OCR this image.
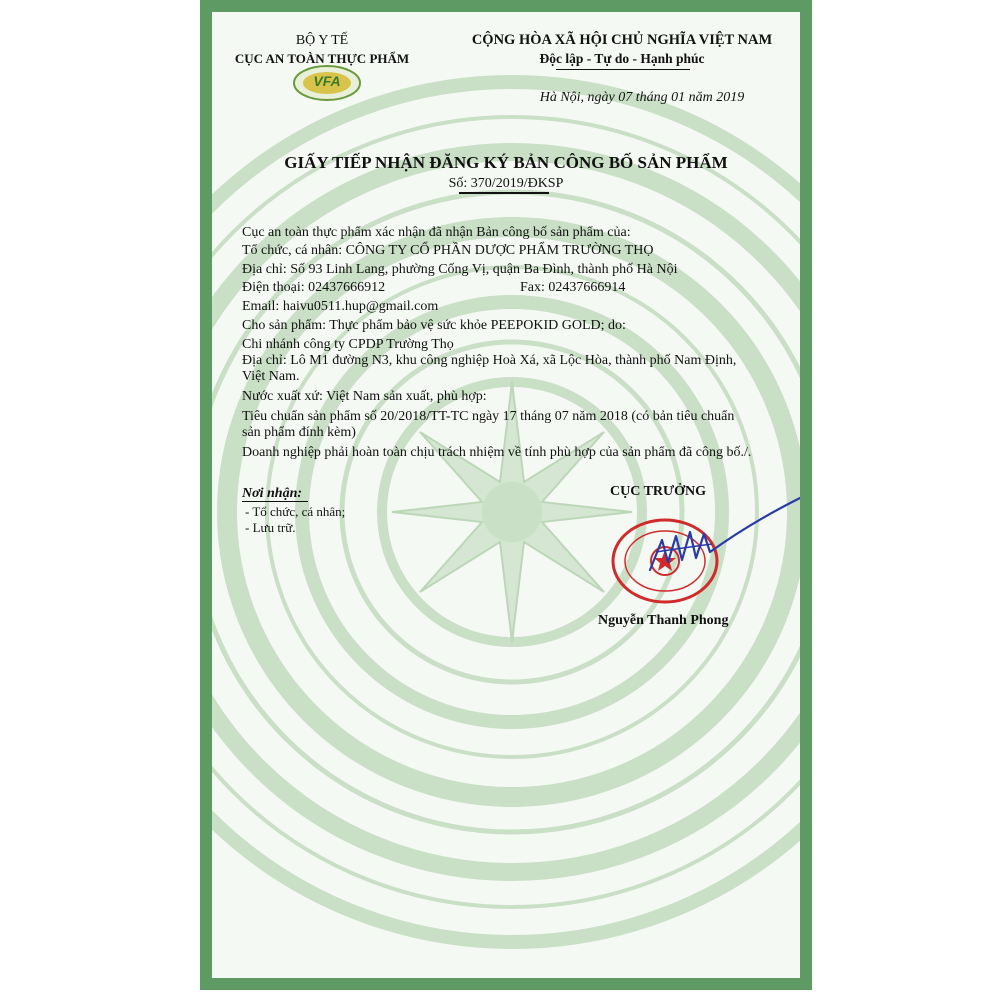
BỘ Y TẾ
CỤC AN TOÀN THỰC PHẨM
VFA
CỘNG HÒA XÃ HỘI CHỦ NGHĨA VIỆT NAM
Độc lập - Tự do - Hạnh phúc
Hà Nội, ngày 07 tháng 01 năm 2019
GIẤY TIẾP NHẬN ĐĂNG KÝ BẢN CÔNG BỐ SẢN PHẨM
Số: 370/2019/ĐKSP
Cục an toàn thực phẩm xác nhận đã nhận Bản công bố sản phẩm của:
Tổ chức, cá nhân: CÔNG TY CỔ PHẦN DƯỢC PHẨM TRƯỜNG THỌ
Địa chỉ: Số 93 Linh Lang, phường Cống Vị, quận Ba Đình, thành phố Hà Nội
Điện thoại: 02437666912	Fax: 02437666914
Email: haivu0511.hup@gmail.com
Cho sản phẩm: Thực phẩm bảo vệ sức khỏe PEEPOKID GOLD; do:
Chi nhánh công ty CPDP Trường Thọ
Địa chỉ: Lô M1 đường N3, khu công nghiệp Hoà Xá, xã Lộc Hòa, thành phố Nam Định,
Việt Nam.
Nước xuất xứ: Việt Nam sản xuất, phù hợp:
Tiêu chuẩn sản phẩm số 20/2018/TT-TC ngày 17 tháng 07 năm 2018 (có bản tiêu chuẩn
sản phẩm đính kèm)
Doanh nghiệp phải hoàn toàn chịu trách nhiệm về tính phù hợp của sản phẩm đã công bố./.
Nơi nhận:
- Tổ chức, cá nhân;
- Lưu trữ.
CỤC TRƯỞNG
Nguyễn Thanh Phong
